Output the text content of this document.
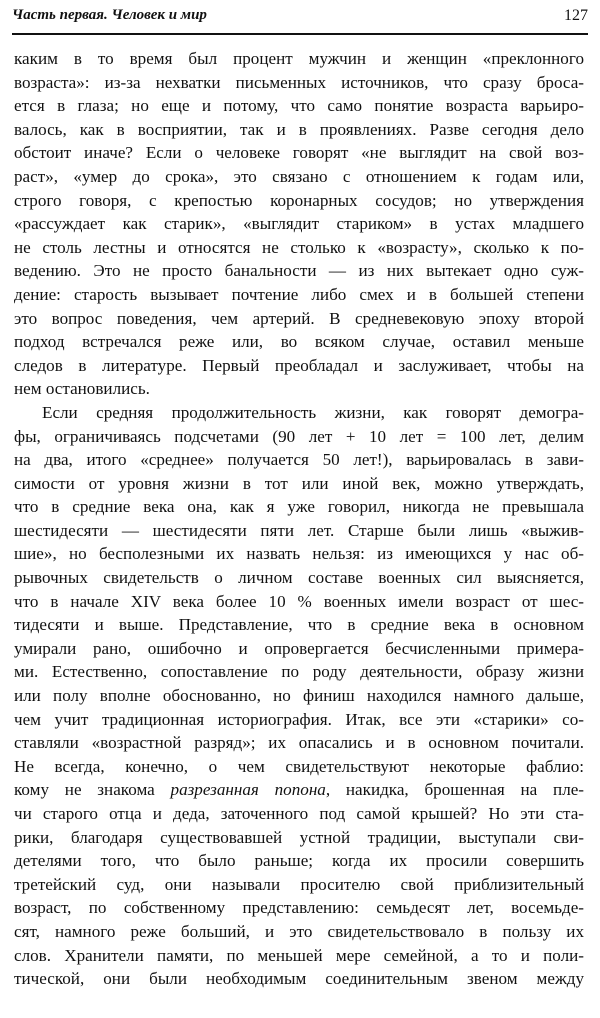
Часть первая. Человек и мир	127
каким в то время был процент мужчин и женщин «преклонного
возраста»: из-за нехватки письменных источников, что сразу броса-
ется в глаза; но еще и потому, что само понятие возраста варьиро-
валось, как в восприятии, так и в проявлениях. Разве сегодня дело
обстоит иначе? Если о человеке говорят «не выглядит на свой воз-
раст», «умер до срока», это связано с отношением к годам или,
строго говоря, с крепостью коронарных сосудов; но утверждения
«рассуждает как старик», «выглядит стариком» в устах младшего
не столь лестны и относятся не столько к «возрасту», сколько к по-
ведению. Это не просто банальности — из них вытекает одно суж-
дение: старость вызывает почтение либо смех и в большей степени
это вопрос поведения, чем артерий. В средневековую эпоху второй
подход встречался реже или, во всяком случае, оставил меньше
следов в литературе. Первый преобладал и заслуживает, чтобы на
нем остановились.
Если средняя продолжительность жизни, как говорят демогра-
фы, ограничиваясь подсчетами (90 лет + 10 лет = 100 лет, делим
на два, итого «среднее» получается 50 лет!), варьировалась в зави-
симости от уровня жизни в тот или иной век, можно утверждать,
что в средние века она, как я уже говорил, никогда не превышала
шестидесяти — шестидесяти пяти лет. Старше были лишь «выжив-
шие», но бесполезными их назвать нельзя: из имеющихся у нас об-
рывочных свидетельств о личном составе военных сил выясняется,
что в начале XIV века более 10 % военных имели возраст от шес-
тидесяти и выше. Представление, что в средние века в основном
умирали рано, ошибочно и опровергается бесчисленными примера-
ми. Естественно, сопоставление по роду деятельности, образу жизни
или полу вполне обоснованно, но финиш находился намного дальше,
чем учит традиционная историография. Итак, все эти «старики» со-
ставляли «возрастной разряд»; их опасались и в основном почитали.
Не всегда, конечно, о чем свидетельствуют некоторые фаблио:
кому не знакома разрезанная попона, накидка, брошенная на пле-
чи старого отца и деда, заточенного под самой крышей? Но эти ста-
рики, благодаря существовавшей устной традиции, выступали сви-
детелями того, что было раньше; когда их просили совершить
третейский суд, они называли просителю свой приблизительный
возраст, по собственному представлению: семьдесят лет, восемьде-
сят, намного реже больший, и это свидетельствовало в пользу их
слов. Хранители памяти, по меньшей мере семейной, а то и поли-
тической, они были необходимым соединительным звеном между
